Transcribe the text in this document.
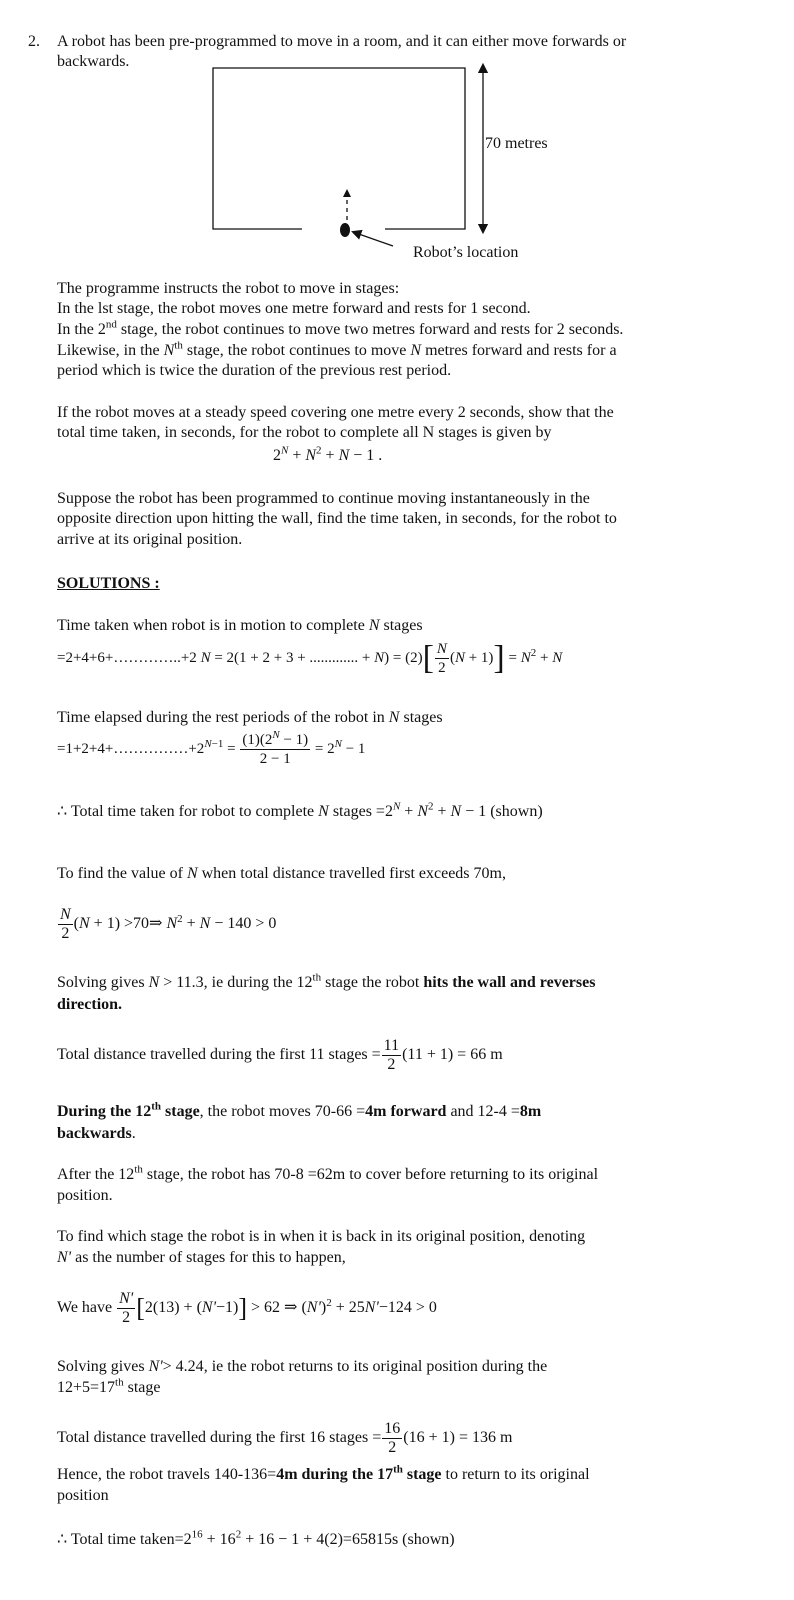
2. A robot has been pre-programmed to move in a room, and it can either move forwards or
backwards.
70 metres
Robot’s location
The programme instructs the robot to move in stages:
In the lst stage, the robot moves one metre forward and rests for 1 second.
In the 2nd stage, the robot continues to move two metres forward and rests for 2 seconds.
Likewise, in the $N^{th}$ stage, the robot continues to move N metres forward and rests for a
period which is twice the duration of the previous rest period.
If the robot moves at a steady speed covering one metre every 2 seconds, show that the
total time taken, in seconds, for the robot to complete all N stages is given by
$2^N + N^2 + N - 1$ .
Suppose the robot has been programmed to continue moving instantaneously in the
opposite direction upon hitting the wall, find the time taken, in seconds, for the robot to
arrive at its original position.
SOLUTIONS :
Time taken when robot is in motion to complete N stages
=2+4+6+…………..+2 N = 2(1 + 2 + 3 + ............. + $N) = (2)[ \frac{N}{2} (N + 1)] = N^2 + N$
Time elapsed during the rest periods of the robot in N stages
$=1+2+4+\dots\dots\dots\dots\dots+2^{N-1} = \frac{(1)(2^N - 1)}{2 - 1} = 2^N - 1$
∴ Total time taken for robot to complete N stages $=2^N + N^2 + N - 1$ (shown)
To find the value of N when total distance travelled first exceeds 70m,
$\frac{N}{2} (N + 1)$ >70⇒ $N^2 + N - 140 > 0$
Solving gives N > 11.3, ie during the 12th stage the robot hits the wall and reverses
direction.
Total distance travelled during the first 11 stages = $\frac{11}{2} (11 + 1) = 66$ m
During the 12th stage, the robot moves 70-66 =4m forward and 12-4 =8m
backwards.
After the 12th stage, the robot has 70-8 =62m to cover before returning to its original
position.
To find which stage the robot is in when it is back in its original position, denoting
N' as the number of stages for this to happen,
We have $\frac{N'}{2} [2(13) + (N'-1)] > 62$ ⇒ $(N')^2 + 25N'-124 > 0$
Solving gives N'> 4.24, ie the robot returns to its original position during the
12+5=17th stage
Total distance travelled during the first 16 stages = $\frac{16}{2} (16 + 1) = 136$ m
Hence, the robot travels 140-136=4m during the 17th stage to return to its original
position
∴ Total time $taken=2^{16} + 16^2 + 16 - 1 + 4(2)=65815s$ (shown)
